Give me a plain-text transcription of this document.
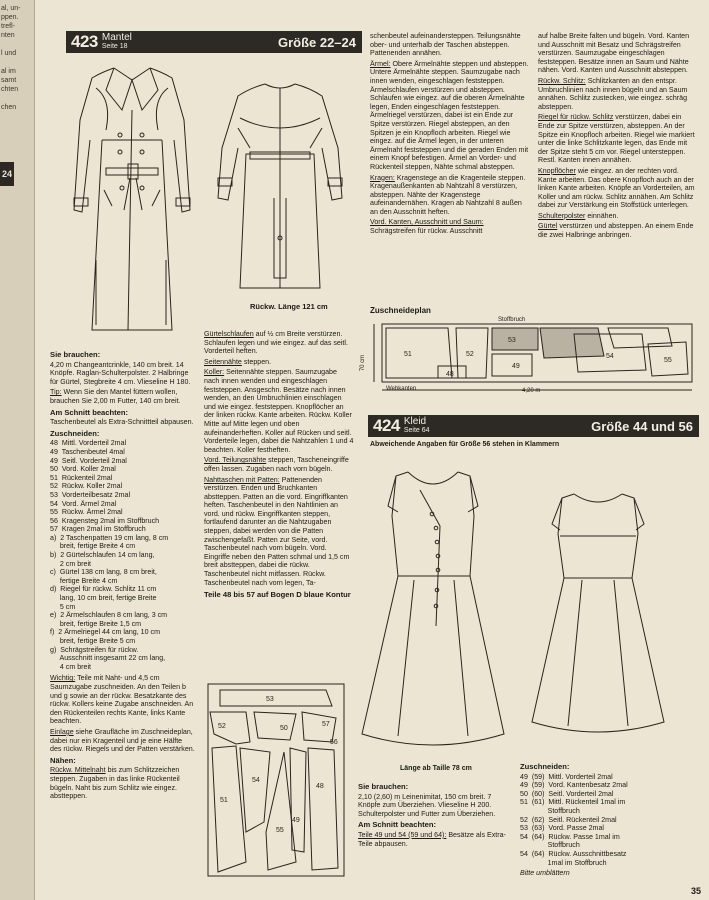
al, un-
ppen.
trefl-
nten

l und

al im
samt
chten

chen
24
423 Mantel
Seite 18	Größe 22–24
Rückw. Länge 121 cm
Sie brauchen:

4,20 m Changeantcrinkle, 140 cm breit. 14 Knöpfe. Raglan-Schulterpolster. 2 Halbringe für Gürtel, Stegbreite 4 cm. Vlieseline H 180.

Tip: Wenn Sie den Mantel füttern wollen, brauchen Sie 2,00 m Futter, 140 cm breit.

Am Schnitt beachten:

Taschenbeutel als Extra-Schnittteil abpausen.

Zuschneiden:
48  Mittl. Vorderteil 2mal
49  Taschenbeutel 4mal
49  Seitl. Vorderteil 2mal
50  Vord. Koller 2mal
51  Rückenteil 2mal
52  Rückw. Koller 2mal
53  Vorderteilbesatz 2mal
54  Vord. Ärmel 2mal
55  Rückw. Ärmel 2mal
56  Kragensteg 2mal im Stoffbruch
57  Kragen 2mal im Stoffbruch
a)  2 Taschenpatten 19 cm lang, 8 cm
breit, fertige Breite 4 cm
b)  2 Gürtelschlaufen 14 cm lang,
2 cm breit
c)  Gürtel 138 cm lang, 8 cm breit,
fertige Breite 4 cm
d)  Riegel für rückw. Schlitz 11 cm
lang, 10 cm breit, fertige Breite
5 cm
e)  2 Ärmelschlaufen 8 cm lang, 3 cm
breit, fertige Breite 1,5 cm
f)  2 Ärmelriegel 44 cm lang, 10 cm
breit, fertige Breite 5 cm
g)  Schrägstreifen für rückw.
Ausschnitt insgesamt 22 cm lang,
4 cm breit

Wichtig: Teile mit Naht- und 4,5 cm Saumzugabe zuschneiden. An den Teilen b und g sowie an der rückw. Besatzkante des rückw. Kollers keine Zugabe anschneiden. An den Rückenteilen rechts Kante, links Kante beachten.

Einlage siehe Graufläche im Zuschneideplan, dabei nur ein Kragenteil und je eine Hälfte des rückw. Riegels und der Patten verstärken.

Nähen:

Rückw. Mittelnaht bis zum Schlitzzeichen steppen. Zugaben in das linke Rückenteil bügeln. Naht bis zum Schlitz wie eingez. abstteppen.

Gürtelschlaufen auf ½ cm Breite verstürzen. Schlaufen legen und wie eingez. auf das seitl. Vorderteil heften.

Seitennähte steppen.

Koller: Seitennähte steppen. Saumzugabe nach innen wenden und eingeschlagen feststeppen. Ansgeschn. Besätze nach innen wenden, an den Umbruchlinien einschlagen und wie eingez. feststeppen. Knopflöcher an der linken rückw. Kante arbeiten. Rückw. Koller Mitte auf Mitte legen und oben aufeinanderheften. Koller auf Rücken und seitl. Vorderteile legen, dabei die Nahtzahlen 1 und 4 beachten. Koller festheften.

Vord. Teilungsnähte steppen, Tascheneingriffe offen lassen. Zugaben nach vorn bügeln.

Nahttaschen mit Patten: Pattenenden verstürzen. Enden und Bruchkanten abstteppen. Patten an die vord. Eingriffkanten heften. Taschenbeutel in den Nahtlinien an vord. und rückw. Eingriffkanten steppen, fortlaufend darunter an die Nahtzugaben steppen, dabei werden von die Patten zwischengefaßt. Patten zur Seite, vord. Taschenbeutel nach vorn bügeln. Vord. Eingriffe neben den Patten schmal und 1,5 cm breit abstteppen, dabei die rückw. Taschenbeutel nicht mitfassen. Rückw. Taschenbeutel nach vorn legen, Ta-

Teile 48 bis 57 auf Bogen D blaue Kontur
53
52	50
57
51
54
55
49
48
56

schenbeutel aufeinandersteppen. Teilungsnähte ober- und unterhalb der Taschen absteppen. Pattenenden annähen.

Ärmel: Obere Ärmelnähte steppen und absteppen. Untere Ärmelnähte steppen. Saumzugabe nach innen wenden, eingeschlagen feststeppen. Ärmelschlaufen verstürzen und absteppen. Schlaufen wie eingez. auf die oberen Ärmelnähte legen, Enden eingeschlagen feststeppen. Ärmelriegel verstürzen, dabei ist ein Ende zur Spitze verstürzen. Riegel absteppen, an den Spitzen je ein Knopfloch arbeiten. Riegel wie eingez. auf die Ärmel legen, in der unteren Ärmelnaht feststeppen und die geraden Enden mit einem Knopf befestigen. Ärmel an Vorder- und Rückenteil steppen, Nähte schmal absteppen.

Kragen: Kragenstege an die Kragenteile steppen. Kragenaußenkanten ab Nahtzahl 8 verstürzen, absteppen. Nähte der Kragenstege aufeinandernähen. Kragen ab Nahtzahl 8 außen an den Ausschnitt heften.

Vord. Kanten, Ausschnitt und Saum: Schrägstreifen für rückw. Ausschnitt

auf halbe Breite falten und bügeln. Vord. Kanten und Ausschnitt mit Besatz und Schrägstreifen verstürzen. Saumzugabe eingeschlagen feststeppen. Besätze innen an Saum und Nähte nähen. Vord. Kanten und Ausschnitt absteppen.

Rückw. Schlitz: Schlitzkanten an den entspr. Umbruchlinien nach innen bügeln und an Saum annähen. Schlitz zustecken, wie eingez. schräg absteppen.

Riegel für rückw. Schlitz verstürzen, dabei ein Ende zur Spitze verstürzen, absteppen. An der Spitze ein Knopfloch arbeiten. Riegel wie markiert unter die linke Schlitzkante legen, das Ende mit der Spitze steht 5 cm vor. Riegel untersteppen. Restl. Kanten innen annähen.

Knopflöcher wie eingez. an der rechten vord. Kante arbeiten. Das obere Knopfloch auch an der linken Kante arbeiten. Knöpfe an Vorderteilen, am Koller und am rückw. Schlitz annähen. Am Schlitz dabei zur Verstärkung ein Stoffstück unterlegen.

Schulterpolster einnähen.

Gürtel verstürzen und absteppen. An einem Ende die zwei Halbringe anbringen.

Zuschneideplan
51	52
53
54
55
48
49
Stoffbruch
Webkanten
70 cm
4,20 m
424 Kleid
Seite 64	Größe 44 und 56
Abweichende Angaben für Größe 56 stehen in Klammern
Länge ab Taille 78 cm
Sie brauchen:

2,10 (2,60) m Leinenimitat, 150 cm breit. 7 Knöpfe zum Überziehen. Vlieseline H 200. Schulterpolster und Futter zum Überziehen.

Am Schnitt beachten:

Teile 49 und 54 (59 und 64): Besätze als Extra-Teile abpausen.

Zuschneiden:
49  (59)  Mittl. Vorderteil 2mal
49  (59)  Vord. Kantenbesatz 2mal
50  (60)  Seitl. Vorderteil 2mal
51  (61)  Mittl. Rückenteil 1mal im
Stoffbruch
52  (62)  Seitl. Rückenteil 2mal
53  (63)  Vord. Passe 2mal
54  (64)  Rückw. Passe 1mal im
Stoffbruch
54  (64)  Rückw. Ausschnittbesatz
1mal im Stoffbruch
Bitte umblättern
35
